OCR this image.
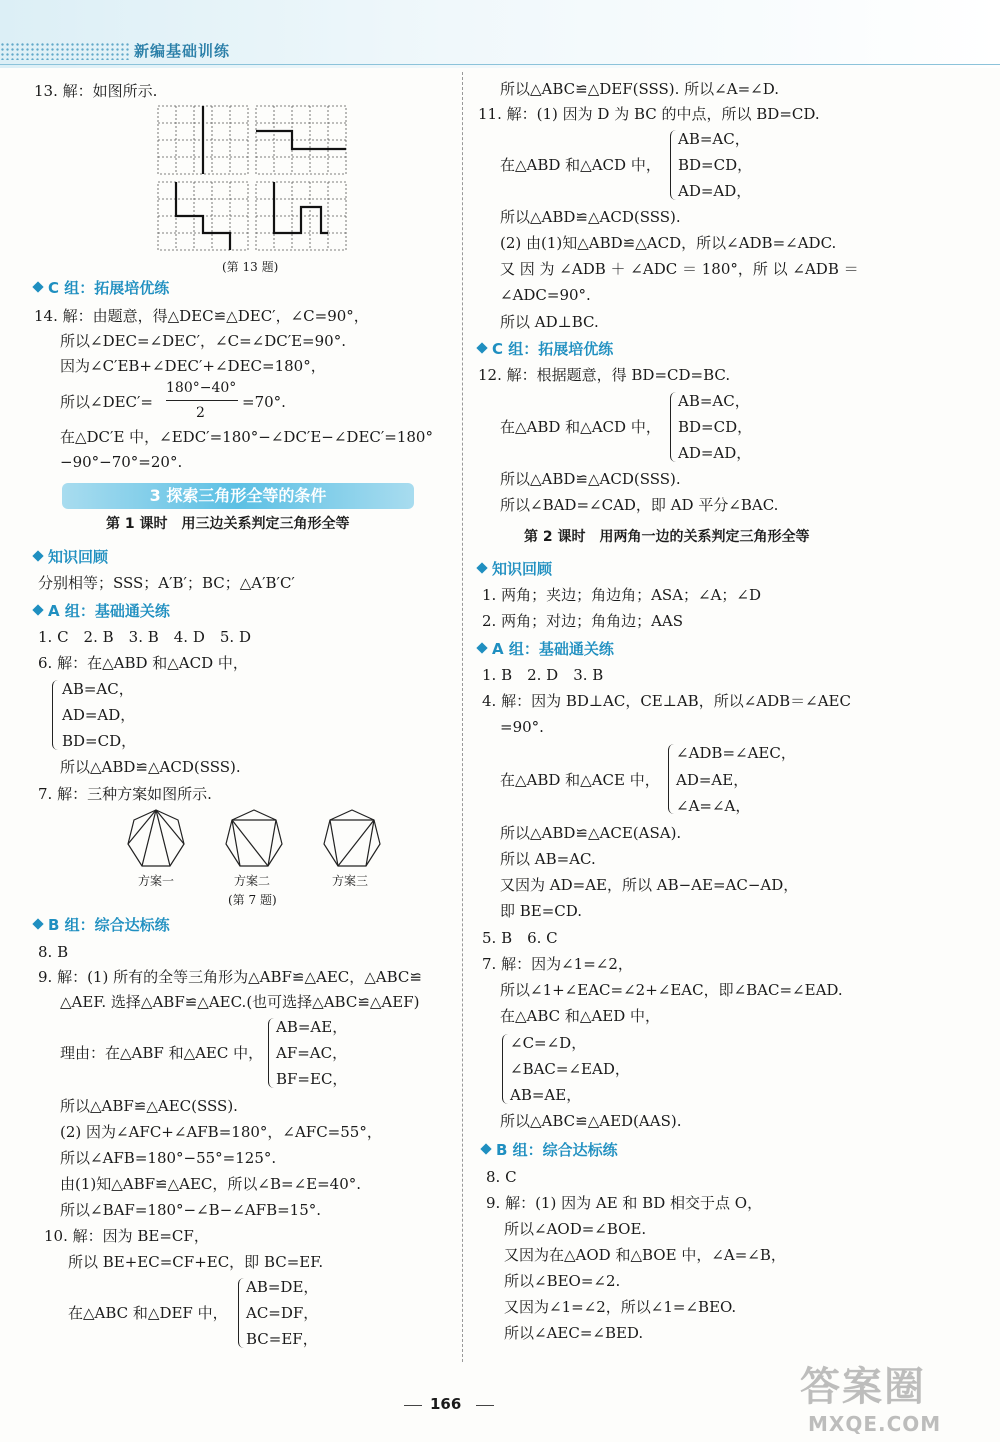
新编基础训练
13. 解：如图所示.
(第 13 题)
C 组：拓展培优练
14. 解：由题意，得△DEC≌△DEC′，∠C=90°，
所以∠DEC=∠DEC′，∠C=∠DC′E=90°.
因为∠C′EB+∠DEC′+∠DEC=180°，
所以∠DEC′=
180°−40°
2
=70°.
在△DC′E 中，∠EDC′=180°−∠DC′E−∠DEC′=180°
−90°−70°=20°.
3 探索三角形全等的条件
第 1 课时　用三边关系判定三角形全等
知识回顾
分别相等；SSS；A′B′；BC；△A′B′C′
A 组：基础通关练
1. C　2. B　3. B　4. D　5. D
6. 解：在△ABD 和△ACD 中，
AB=AC，
AD=AD，
BD=CD，
所以△ABD≌△ACD(SSS).
7. 解：三种方案如图所示.
方案一	方案二	方案三
(第 7 题)
B 组：综合达标练
8. B
9. 解：(1) 所有的全等三角形为△ABF≌△AEC，△ABC≌
△AEF. 选择△ABF≌△AEC.(也可选择△ABC≌△AEF)
AB=AE，
理由：在△ABF 和△AEC 中， AF=AC，
BF=EC，
所以△ABF≌△AEC(SSS).
(2) 因为∠AFC+∠AFB=180°，∠AFC=55°，
所以∠AFB=180°−55°=125°.
由(1)知△ABF≌△AEC，所以∠B=∠E=40°.
所以∠BAF=180°−∠B−∠AFB=15°.
10. 解：因为 BE=CF，
所以 BE+EC=CF+EC，即 BC=EF.
AB=DE，
在△ABC 和△DEF 中， AC=DF，
BC=EF，
所以△ABC≌△DEF(SSS). 所以∠A=∠D.
11. 解：(1) 因为 D 为 BC 的中点，所以 BD=CD.
AB=AC，
在△ABD 和△ACD 中， BD=CD，
AD=AD，
所以△ABD≌△ACD(SSS).
(2) 由(1)知△ABD≌△ACD，所以∠ADB=∠ADC.
又 因 为 ∠ADB ＋ ∠ADC ＝ 180°，所 以 ∠ADB ＝
∠ADC=90°.
所以 AD⊥BC.
C 组：拓展培优练
12. 解：根据题意，得 BD=CD=BC.
AB=AC，
在△ABD 和△ACD 中， BD=CD，
AD=AD，
所以△ABD≌△ACD(SSS).
所以∠BAD=∠CAD，即 AD 平分∠BAC.
第 2 课时　用两角一边的关系判定三角形全等
知识回顾
1. 两角；夹边；角边角；ASA；∠A；∠D
2. 两角；对边；角角边；AAS
A 组：基础通关练
1. B　2. D　3. B
4. 解：因为 BD⊥AC，CE⊥AB，所以∠ADB＝∠AEC
=90°.
∠ADB=∠AEC，
在△ABD 和△ACE 中， AD=AE，
∠A=∠A，
所以△ABD≌△ACE(ASA).
所以 AB=AC.
又因为 AD=AE，所以 AB−AE=AC−AD，
即 BE=CD.
5. B　6. C
7. 解：因为∠1=∠2，
所以∠1+∠EAC=∠2+∠EAC，即∠BAC=∠EAD.
在△ABC 和△AED 中，
∠C=∠D，
∠BAC=∠EAD，
AB=AE，
所以△ABC≌△AED(AAS).
B 组：综合达标练
8. C
9. 解：(1) 因为 AE 和 BD 相交于点 O，
所以∠AOD=∠BOE.
又因为在△AOD 和△BOE 中，∠A=∠B，
所以∠BEO=∠2.
又因为∠1=∠2，所以∠1=∠BEO.
所以∠AEC=∠BED.
166	答案圈
MXQE.COM
